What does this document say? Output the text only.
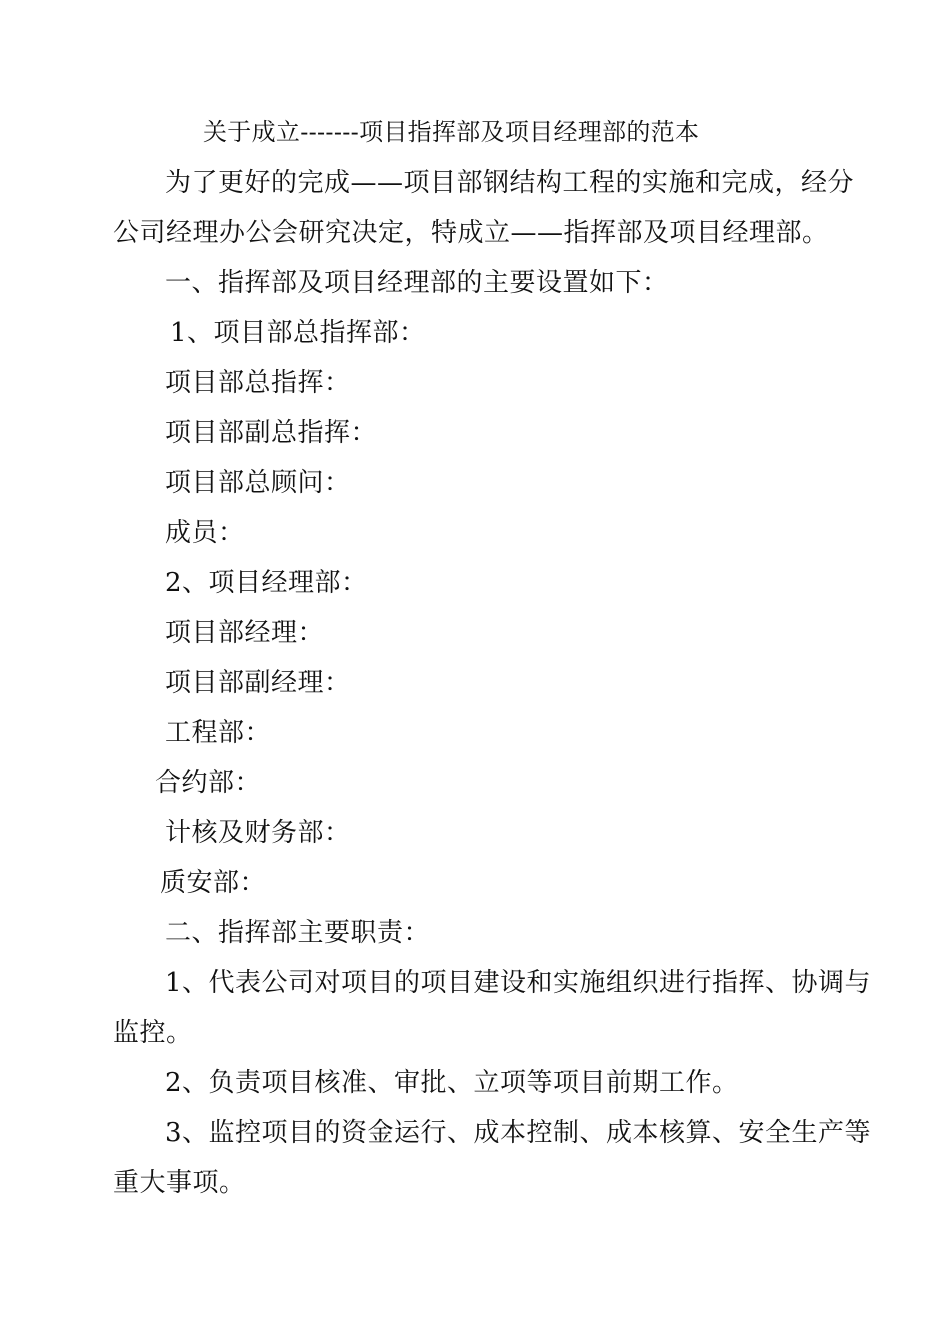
关于成立-------项目指挥部及项目经理部的范本
为了更好的完成——项目部钢结构工程的实施和完成，经分
公司经理办公会研究决定，特成立——指挥部及项目经理部。
一、指挥部及项目经理部的主要设置如下：
1、项目部总指挥部：
项目部总指挥：
项目部副总指挥：
项目部总顾问：
成员：
2、项目经理部：
项目部经理：
项目部副经理：
工程部：
合约部：
计核及财务部：
质安部：
二、指挥部主要职责：
1、代表公司对项目的项目建设和实施组织进行指挥、协调与
监控。
2、负责项目核准、审批、立项等项目前期工作。
3、监控项目的资金运行、成本控制、成本核算、安全生产等
重大事项。
